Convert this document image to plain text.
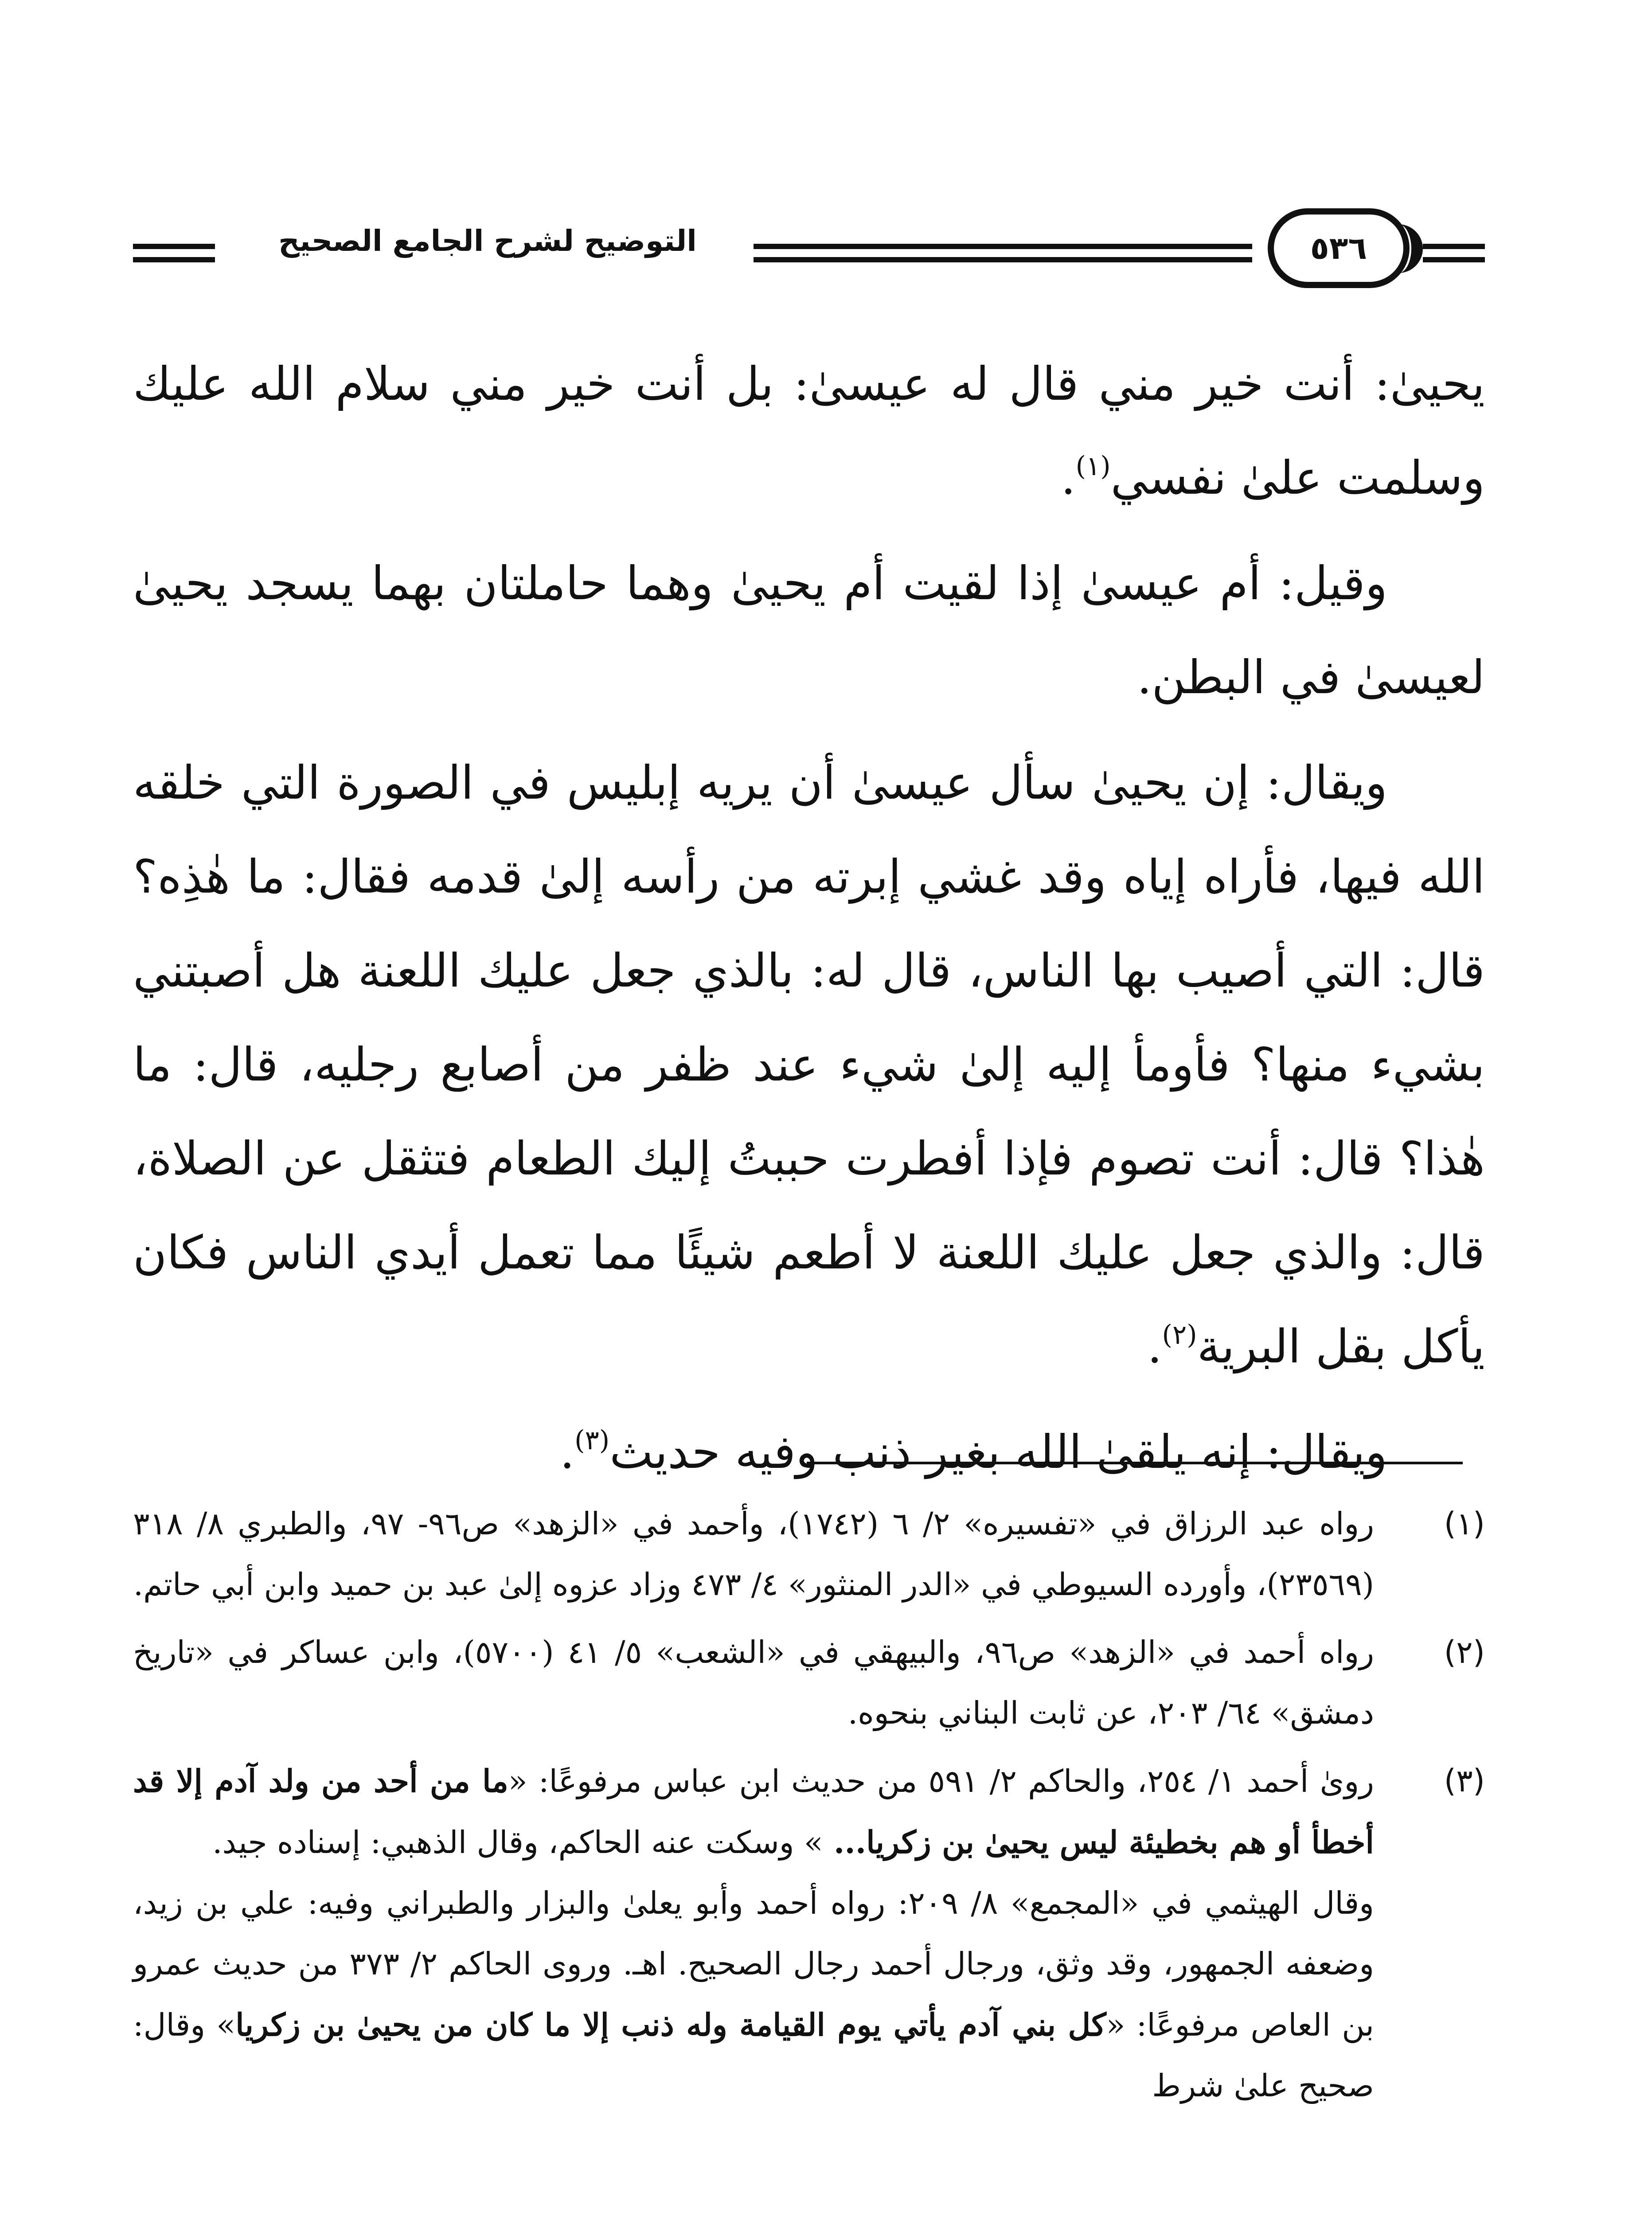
التوضيح لشرح الجامع الصحيح	٥٣٦

يحيىٰ: أنت خير مني قال له عيسىٰ: بل أنت خير مني سلام الله عليك وسلمت علىٰ نفسي$^{(١)}$.

وقيل: أم عيسىٰ إذا لقيت أم يحيىٰ وهما حاملتان بهما يسجد يحيىٰ لعيسىٰ في البطن.

ويقال: إن يحيىٰ سأل عيسىٰ أن يريه إبليس في الصورة التي خلقه الله فيها، فأراه إياه وقد غشي إبرته من رأسه إلىٰ قدمه فقال: ما هٰذِه؟ قال: التي أصيب بها الناس، قال له: بالذي جعل عليك اللعنة هل أصبتني بشيء منها؟ فأومأ إليه إلىٰ شيء عند ظفر من أصابع رجليه، قال: ما هٰذا؟ قال: أنت تصوم فإذا أفطرت حببتُ إليك الطعام فتثقل عن الصلاة، قال: والذي جعل عليك اللعنة لا أطعم شيئًا مما تعمل أيدي الناس فكان يأكل بقل البرية$^{(٢)}$.

ويقال: إنه يلقىٰ الله بغير ذنب وفيه حديث$^{(٣)}$.

(١)

رواه عبد الرزاق في «تفسيره» ٢/ ٦ (١٧٤٢)، وأحمد في «الزهد» ص٩٦- ٩٧، والطبري ٨/ ٣١٨ (٢٣٥٦٩)، وأورده السيوطي في «الدر المنثور» ٤/ ٤٧٣ وزاد عزوه إلىٰ عبد بن حميد وابن أبي حاتم.

(٢)

رواه أحمد في «الزهد» ص٩٦، والبيهقي في «الشعب» ٥/ ٤١ (٥٧٠٠)، وابن عساكر في «تاريخ دمشق» ٦٤/ ٢٠٣، عن ثابت البناني بنحوه.

(٣)

رویٰ أحمد ١/ ٢٥٤، والحاكم ٢/ ٥٩١ من حديث ابن عباس مرفوعًا: «ما من أحد من ولد آدم إلا قد أخطأ أو هم بخطيئة ليس يحيىٰ بن زكريا... » وسكت عنه الحاكم، وقال الذهبي: إسناده جيد.

وقال الهيثمي في «المجمع» ٨/ ٢٠٩: رواه أحمد وأبو يعلىٰ والبزار والطبراني وفيه: علي بن زيد، وضعفه الجمهور، وقد وثق، ورجال أحمد رجال الصحيح. اهـ. وروى الحاكم ٢/ ٣٧٣ من حديث عمرو بن العاص مرفوعًا: «كل بني آدم يأتي يوم القيامة وله ذنب إلا ما كان من يحيىٰ بن زكريا» وقال: صحيح علىٰ شرط
